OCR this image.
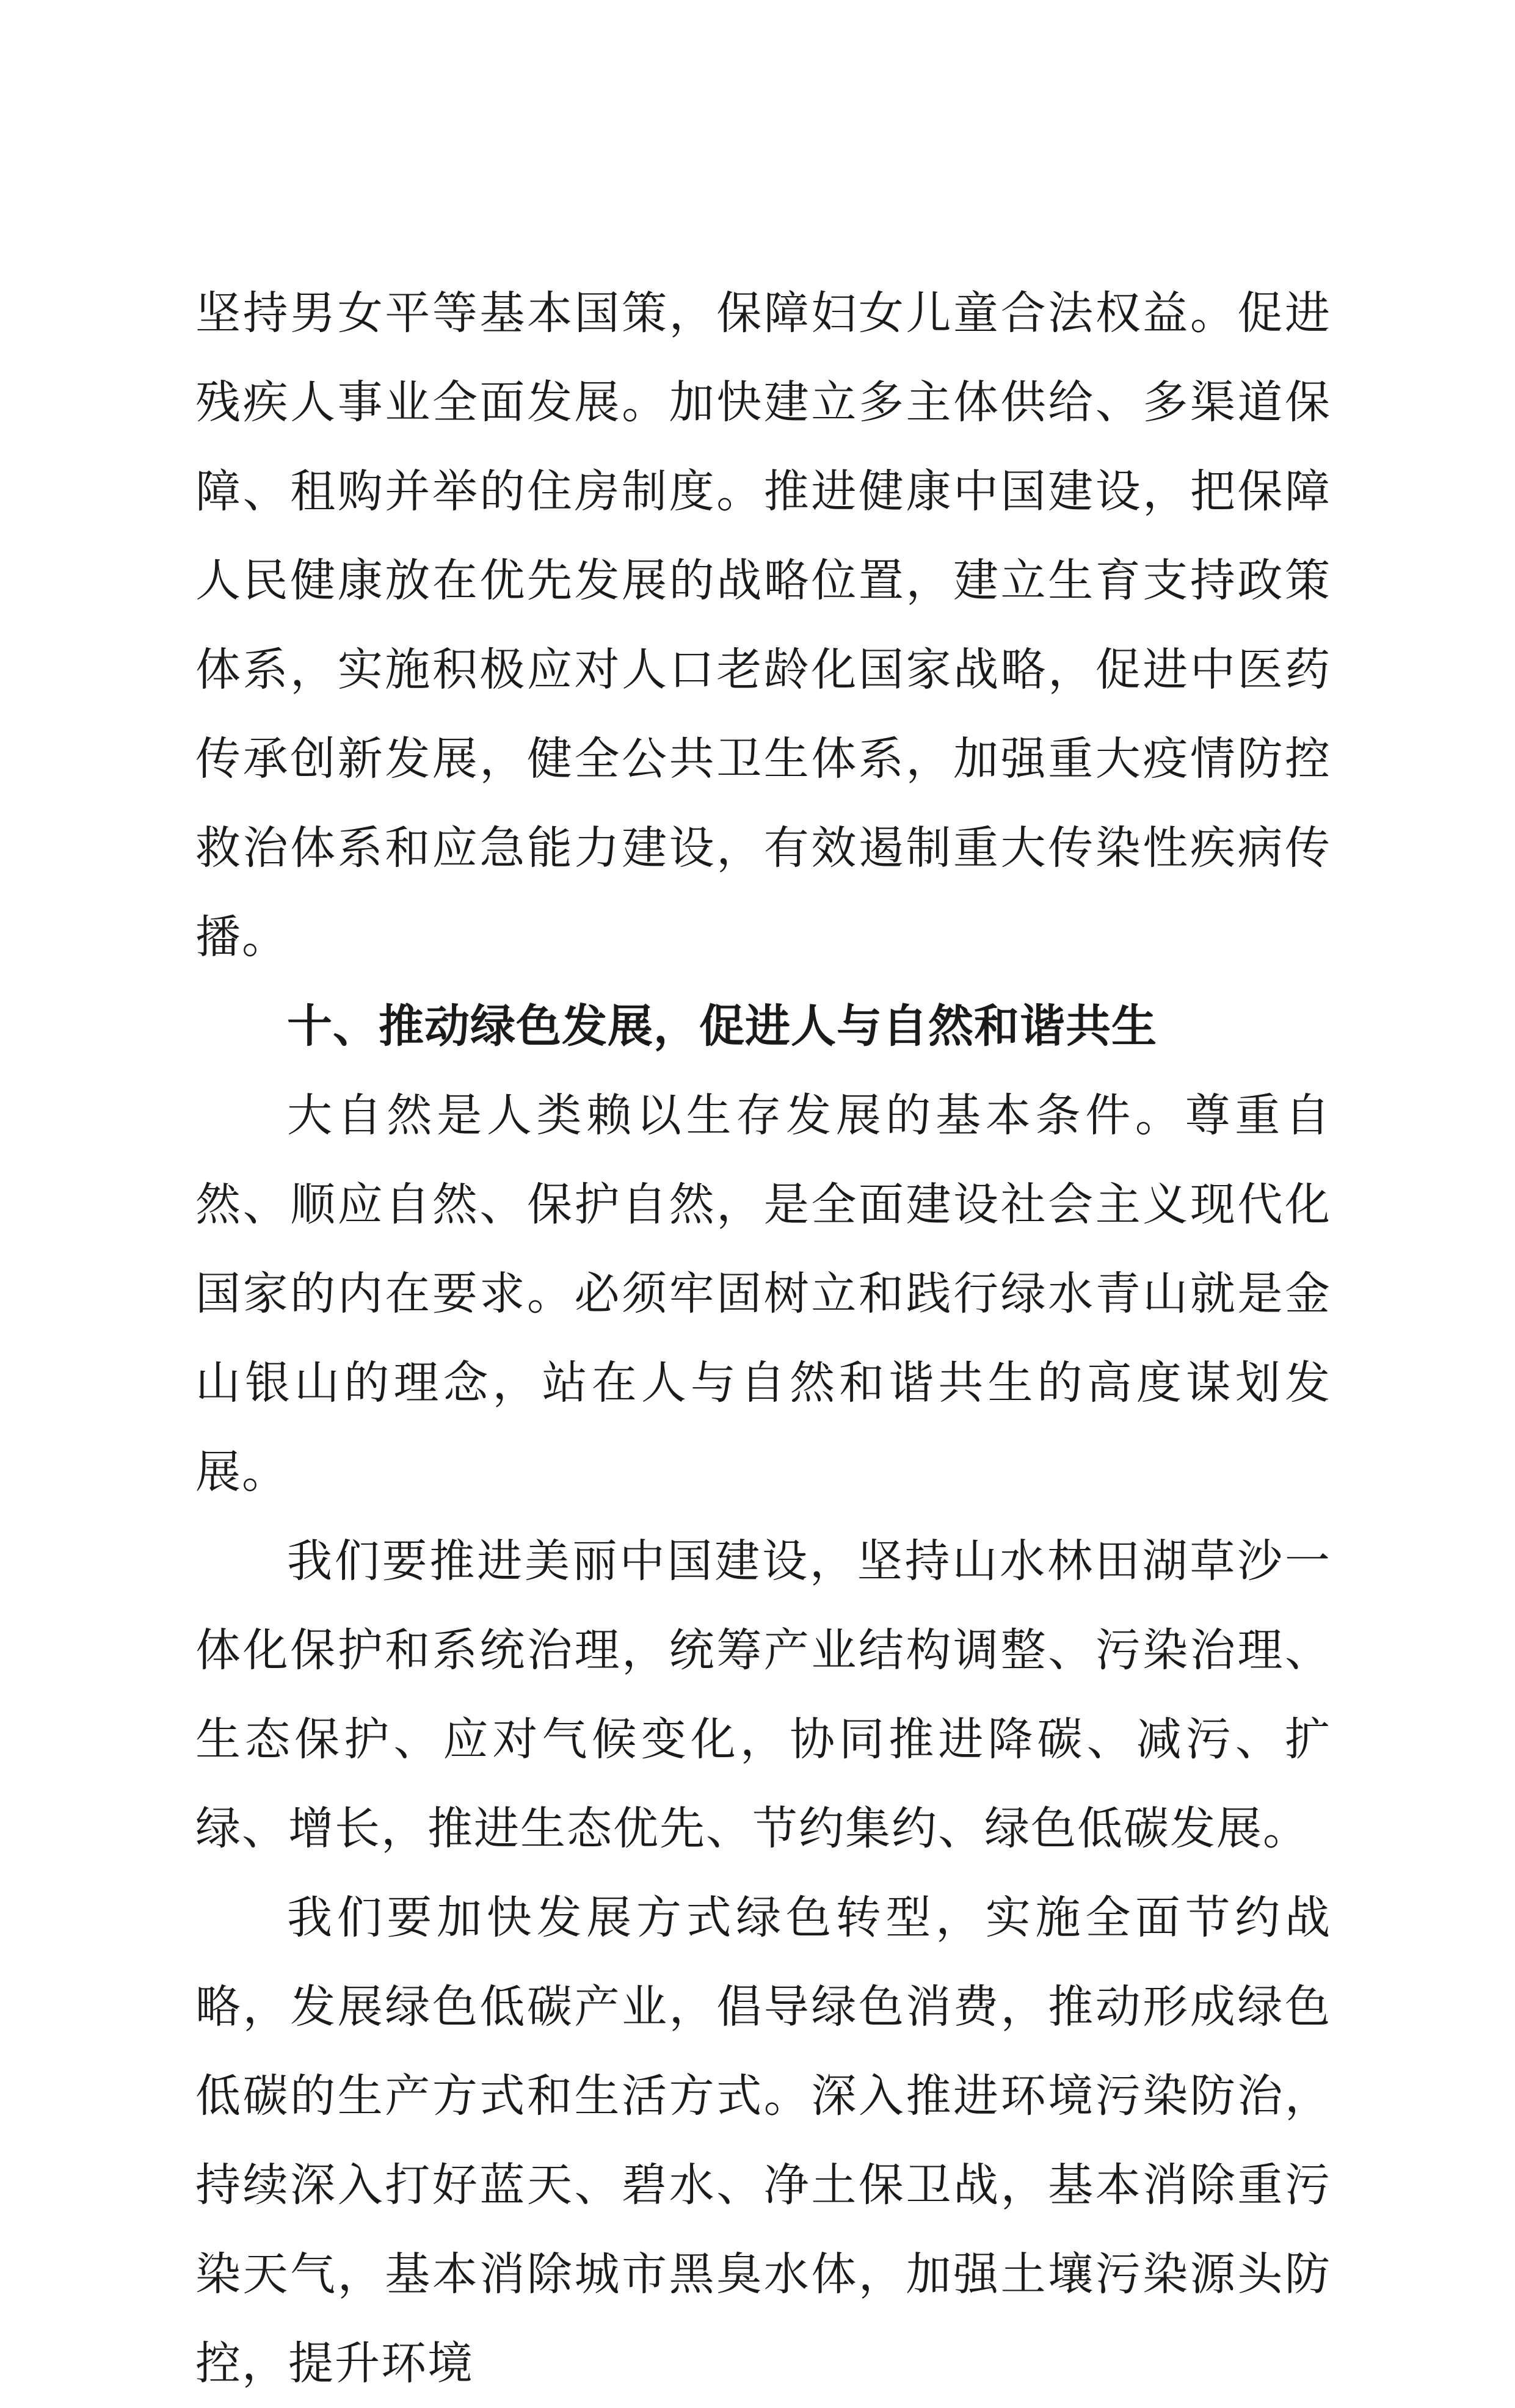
坚持男女平等基本国策，保障妇女儿童合法权益。促进残疾人事业全面发展。加快建立多主体供给、多渠道保障、租购并举的住房制度。推进健康中国建设，把保障人民健康放在优先发展的战略位置，建立生育支持政策体系，实施积极应对人口老龄化国家战略，促进中医药传承创新发展，健全公共卫生体系，加强重大疫情防控救治体系和应急能力建设，有效遏制重大传染性疾病传播。

十、推动绿色发展，促进人与自然和谐共生

大自然是人类赖以生存发展的基本条件。尊重自然、顺应自然、保护自然，是全面建设社会主义现代化国家的内在要求。必须牢固树立和践行绿水青山就是金山银山的理念，站在人与自然和谐共生的高度谋划发展。

我们要推进美丽中国建设，坚持山水林田湖草沙一体化保护和系统治理，统筹产业结构调整、污染治理、生态保护、应对气候变化，协同推进降碳、减污、扩绿、增长，推进生态优先、节约集约、绿色低碳发展。

我们要加快发展方式绿色转型，实施全面节约战略，发展绿色低碳产业，倡导绿色消费，推动形成绿色低碳的生产方式和生活方式。深入推进环境污染防治，持续深入打好蓝天、碧水、净土保卫战，基本消除重污染天气，基本消除城市黑臭水体，加强土壤污染源头防控，提升环境
